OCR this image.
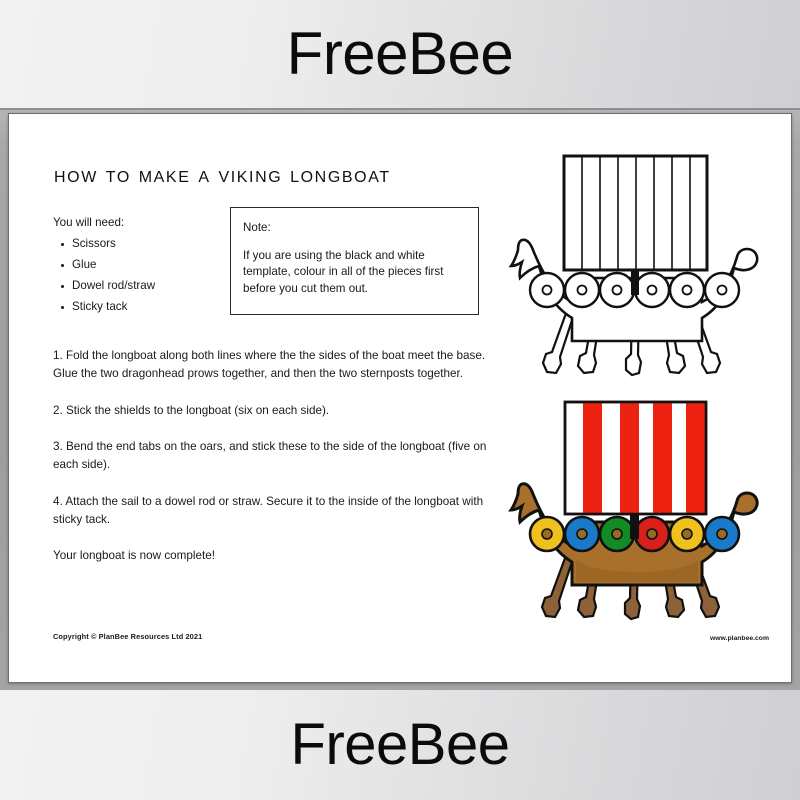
FreeBee
how to make a viking longboat
You will need:
Scissors
Glue
Dowel rod/straw
Sticky tack
Note:
If you are using the black and white template, colour in all of the pieces first before you cut them out.
1. Fold the longboat along both lines where the the sides of the boat meet the base. Glue the two dragonhead prows together, and then the two sternposts together.
2. Stick the shields to the longboat (six on each side).
3. Bend the end tabs on the oars, and stick these to the side of the longboat (five on each side).
4. Attach the sail to a dowel rod or straw. Secure it to the inside of the longboat with sticky tack.
Your longboat is now complete!
Copyright © PlanBee Resources Ltd 2021	www.planbee.com
FreeBee
